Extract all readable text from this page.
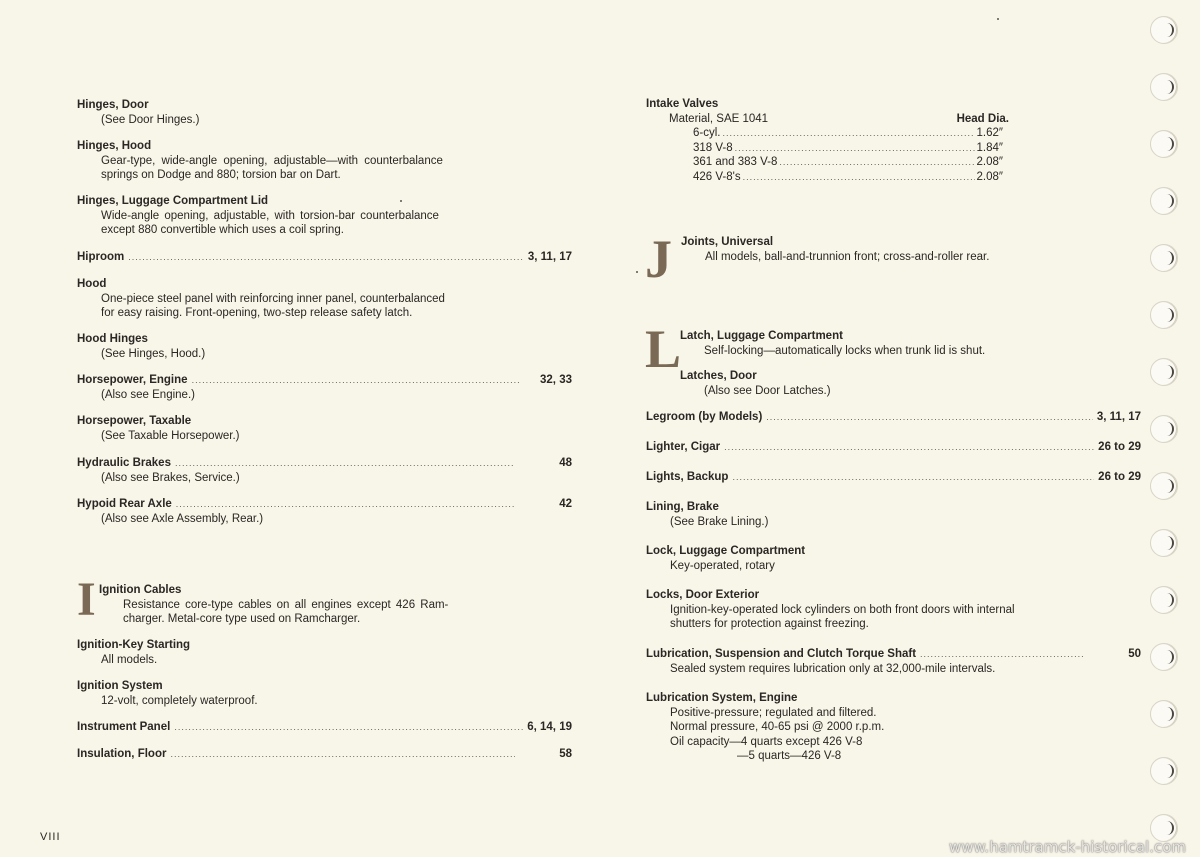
Hinges, Door
(See Door Hinges.)
Hinges, Hood
Gear-type, wide-angle opening, adjustable—with counterbalance
springs on Dodge and 880; torsion bar on Dart.
Hinges, Luggage Compartment Lid
Wide-angle opening, adjustable, with torsion-bar counterbalance
except 880 convertible which uses a coil spring.
Hiproom .....	3, 11, 17
Hood
One-piece steel panel with reinforcing inner panel, counterbalanced
for easy raising. Front-opening, two-step release safety latch.
Hood Hinges
(See Hinges, Hood.)
Horsepower, Engine .....	32, 33
(Also see Engine.)
Horsepower, Taxable
(See Taxable Horsepower.)
Hydraulic Brakes .....	48
(Also see Brakes, Service.)
Hypoid Rear Axle .....	42
(Also see Axle Assembly, Rear.)
I Ignition Cables
Resistance core-type cables on all engines except 426 Ram-
charger. Metal-core type used on Ramcharger.
Ignition-Key Starting
All models.
Ignition System
12-volt, completely waterproof.
Instrument Panel .....	6, 14, 19
Insulation, Floor .....	58
Intake Valves
Material, SAE 1041	Head Dia.
6-cyl. .....	1.62″
318 V-8 .....	1.84″
361 and 383 V-8 .....	2.08″
426 V-8's .....	2.08″
J Joints, Universal
All models, ball-and-trunnion front; cross-and-roller rear.
L
Latch, Luggage Compartment
Self-locking—automatically locks when trunk lid is shut.
Latches, Door
(Also see Door Latches.)
Legroom (by Models) .....	3, 11, 17
Lighter, Cigar .....	26 to 29
Lights, Backup .....	26 to 29
Lining, Brake
(See Brake Lining.)
Lock, Luggage Compartment
Key-operated, rotary
Locks, Door Exterior
Ignition-key-operated lock cylinders on both front doors with internal
shutters for protection against freezing.
Lubrication, Suspension and Clutch Torque Shaft .....	50
Sealed system requires lubrication only at 32,000-mile intervals.
Lubrication System, Engine
Positive-pressure; regulated and filtered.
Normal pressure, 40-65 psi @ 2000 r.p.m.
Oil capacity—4 quarts except 426 V-8
—5 quarts—426 V-8
VIII
www.hamtramck-historical.com
